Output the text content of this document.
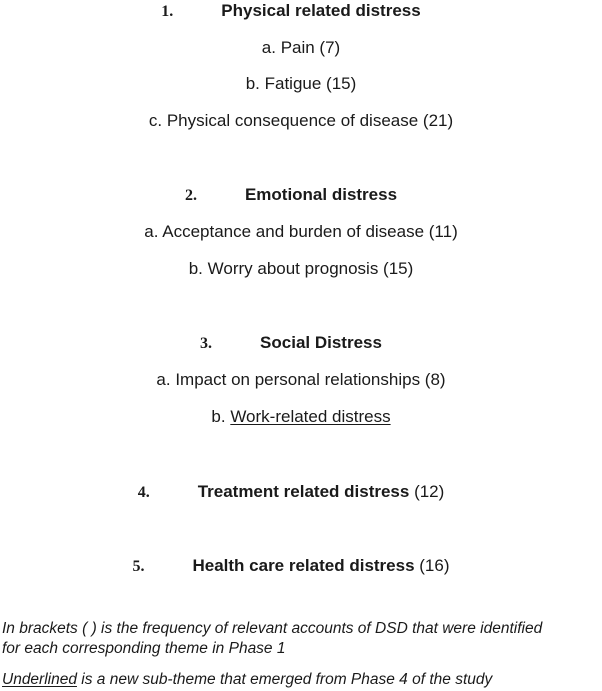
1.	Physical related distress
a. Pain (7)
b. Fatigue (15)
c. Physical consequence of disease (21)
2.	Emotional distress
a. Acceptance and burden of disease (11)
b. Worry about prognosis (15)
3.	Social Distress
a. Impact on personal relationships (8)
b. Work-related distress
4.	Treatment related distress (12)
5.	Health care related distress (16)
In brackets ( ) is the frequency of relevant accounts of DSD that were identified
for each corresponding theme in Phase 1
Underlined is a new sub-theme that emerged from Phase 4 of the study
